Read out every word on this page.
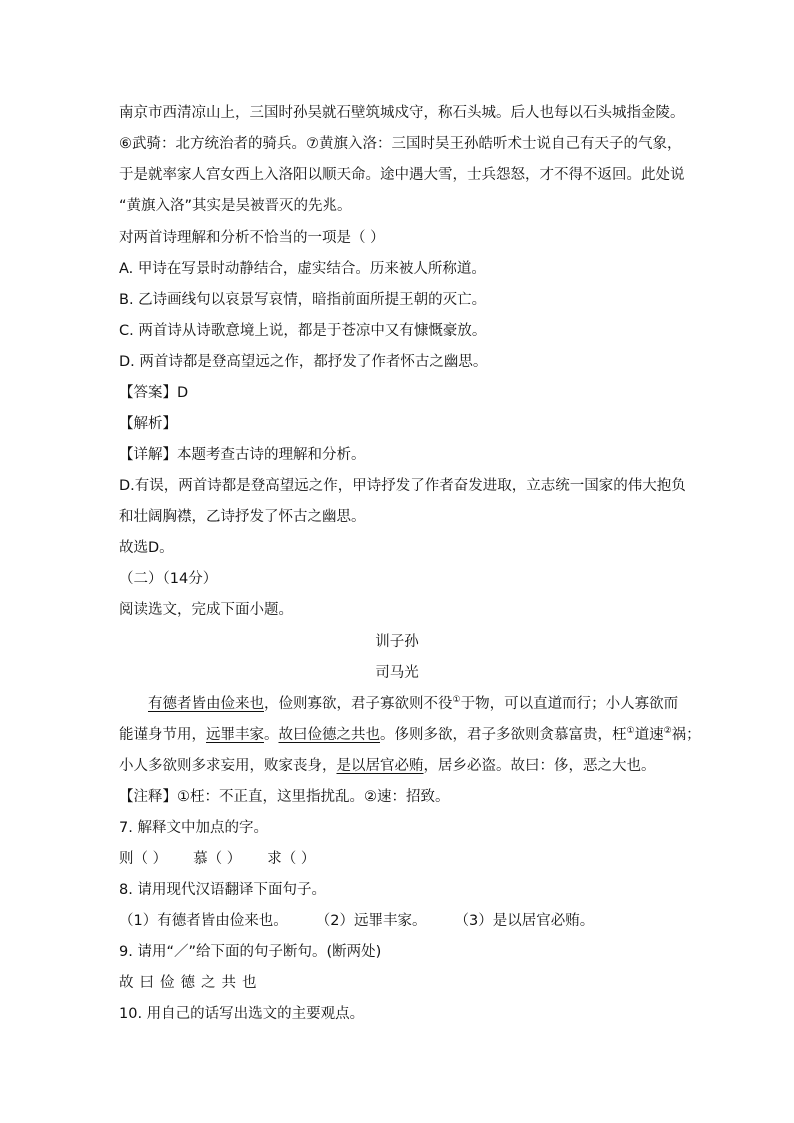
南京市西清凉山上，三国时孙吴就石壁筑城戍守，称石头城。后人也每以石头城指金陵。
⑥武骑：北方统治者的骑兵。⑦黄旗入洛：三国时吴王孙皓听术士说自己有天子的气象，
于是就率家人宫女西上入洛阳以顺天命。途中遇大雪，士兵怨怒，才不得不返回。此处说
“黄旗入洛”其实是吴被晋灭的先兆。
对两首诗理解和分析不恰当的一项是（ ）
A. 甲诗在写景时动静结合，虚实结合。历来被人所称道。
B. 乙诗画线句以哀景写哀情，暗指前面所提王朝的灭亡。
C. 两首诗从诗歌意境上说，都是于苍凉中又有慷慨豪放。
D. 两首诗都是登高望远之作，都抒发了作者怀古之幽思。
【答案】D
【解析】
【详解】本题考查古诗的理解和分析。
D.有误，两首诗都是登高望远之作，甲诗抒发了作者奋发进取，立志统一国家的伟大抱负
和壮阔胸襟，乙诗抒发了怀古之幽思。
故选D。
（二）（14分）
阅读选文，完成下面小题。
训子孙
司马光
有德者皆由俭来也，俭则寡欲，君子寡欲则不役①于物，可以直道而行；小人寡欲而
能谨身节用，远罪丰家。故曰俭德之共也。侈则多欲，君子多欲则贪慕富贵，枉①道速②祸；
小人多欲则多求妄用，败家丧身，是以居官必贿，居乡必盗。故曰：侈，恶之大也。
【注释】①枉：不正直，这里指扰乱。②速：招致。
7. 解释文中加点的字。
则（ ） 慕（ ） 求（ ）
8. 请用现代汉语翻译下面句子。
（1）有德者皆由俭来也。 （2）远罪丰家。 （3）是以居官必贿。
9. 请用“／”给下面的句子断句。(断两处)
故曰俭德之共也
10. 用自己的话写出选文的主要观点。
